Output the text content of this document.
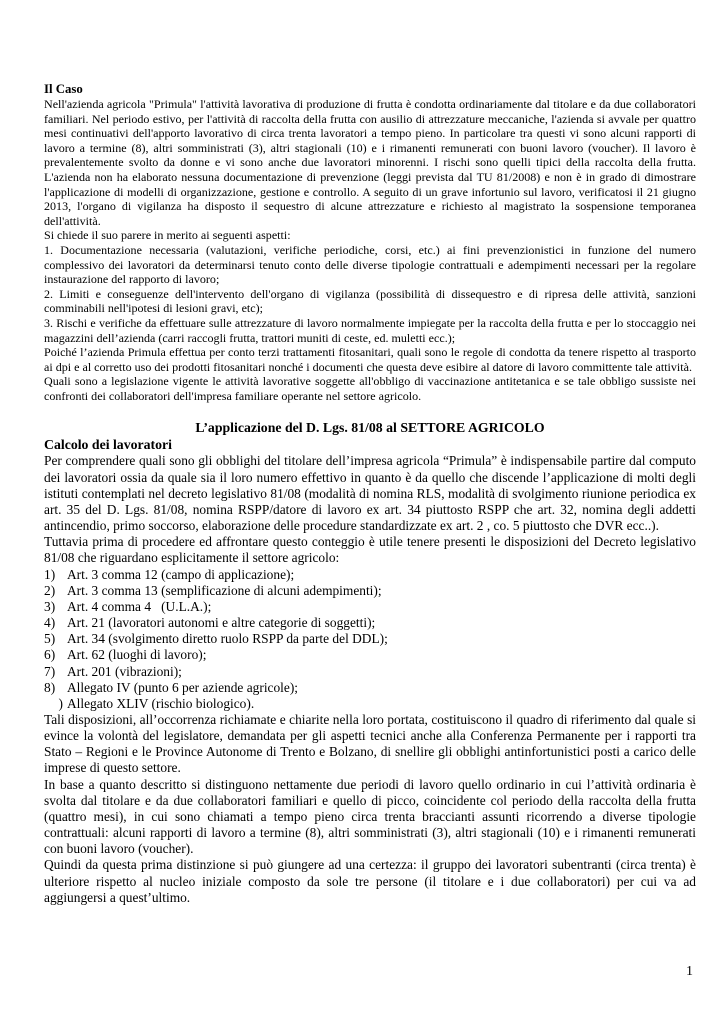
Il Caso

Nell'azienda agricola "Primula" l'attività lavorativa di produzione di frutta è condotta ordinariamente dal titolare e da due collaboratori familiari. Nel periodo estivo, per l'attività di raccolta della frutta con ausilio di attrezzature meccaniche, l'azienda si avvale per quattro mesi continuativi dell'apporto lavorativo di circa trenta lavoratori a tempo pieno. In particolare tra questi vi sono alcuni rapporti di lavoro a termine (8), altri somministrati (3), altri stagionali (10) e i rimanenti remunerati con buoni lavoro (voucher). Il lavoro è prevalentemente svolto da donne e vi sono anche due lavoratori minorenni. I rischi sono quelli tipici della raccolta della frutta. L'azienda non ha elaborato nessuna documentazione di prevenzione (leggi prevista dal TU 81/2008) e non è in grado di dimostrare l'applicazione di modelli di organizzazione, gestione e controllo. A seguito di un grave infortunio sul lavoro, verificatosi il 21 giugno 2013, l'organo di vigilanza ha disposto il sequestro di alcune attrezzature e richiesto al magistrato la sospensione temporanea dell'attività.

Si chiede il suo parere in merito ai seguenti aspetti:

1. Documentazione necessaria (valutazioni, verifiche periodiche, corsi, etc.) ai fini prevenzionistici in funzione del numero complessivo dei lavoratori da determinarsi tenuto conto delle diverse tipologie contrattuali e adempimenti necessari per la regolare instaurazione del rapporto di lavoro;

2. Limiti e conseguenze dell'intervento dell'organo di vigilanza (possibilità di dissequestro e di ripresa delle attività, sanzioni comminabili nell'ipotesi di lesioni gravi, etc);

3. Rischi e verifiche da effettuare sulle attrezzature di lavoro normalmente impiegate per la raccolta della frutta e per lo stoccaggio nei magazzini dell’azienda (carri raccogli frutta, trattori muniti di ceste, ed. muletti ecc.);

Poiché l’azienda Primula effettua per conto terzi trattamenti fitosanitari, quali sono le regole di condotta da tenere rispetto al trasporto ai dpi e al corretto uso dei prodotti fitosanitari nonché i documenti che questa deve esibire al datore di lavoro committente tale attività.

Quali sono a legislazione vigente le attività lavorative soggette all'obbligo di vaccinazione antitetanica e se tale obbligo sussiste nei confronti dei collaboratori dell'impresa familiare operante nel settore agricolo.

L’applicazione del D. Lgs. 81/08 al SETTORE AGRICOLO
Calcolo dei lavoratori

Per comprendere quali sono gli obblighi del titolare dell’impresa agricola “Primula” è indispensabile partire dal computo dei lavoratori ossia da quale sia il loro numero effettivo in quanto è da quello che discende l’applicazione di molti degli istituti contemplati nel decreto legislativo 81/08 (modalità di nomina RLS, modalità di svolgimento riunione periodica ex art. 35 del D. Lgs. 81/08, nomina RSPP/datore di lavoro ex art. 34 piuttosto RSPP che art. 32, nomina degli addetti antincendio, primo soccorso, elaborazione delle procedure standardizzate ex art. 2 , co. 5 piuttosto che DVR ecc..).

Tuttavia prima di procedere ed affrontare questo conteggio è utile tenere presenti le disposizioni del Decreto legislativo 81/08 che riguardano esplicitamente il settore agricolo:

1) Art. 3 comma 12 (campo di applicazione);
2) Art. 3 comma 13 (semplificazione di alcuni adempimenti);
3) Art. 4 comma 4   (U.L.A.);
4) Art. 21 (lavoratori autonomi e altre categorie di soggetti);
5) Art. 34 (svolgimento diretto ruolo RSPP da parte del DDL);
6) Art. 62 (luoghi di lavoro);
7) Art. 201 (vibrazioni);
8) Allegato IV (punto 6 per aziende agricole);
) Allegato XLIV (rischio biologico).

Tali disposizioni, all’occorrenza richiamate e chiarite nella loro portata, costituiscono il quadro di riferimento dal quale si evince la volontà del legislatore, demandata per gli aspetti tecnici anche alla Conferenza Permanente per i rapporti tra Stato – Regioni e le Province Autonome di Trento e Bolzano, di snellire gli obblighi antinfortunistici posti a carico delle imprese di questo settore.

In base a quanto descritto si distinguono nettamente due periodi di lavoro quello ordinario in cui l’attività ordinaria è svolta dal titolare e da due collaboratori familiari e quello di picco, coincidente col periodo della raccolta della frutta (quattro mesi), in cui sono chiamati a tempo pieno circa trenta braccianti assunti ricorrendo a diverse tipologie contrattuali: alcuni rapporti di lavoro a termine (8), altri somministrati (3), altri stagionali (10) e i rimanenti remunerati con buoni lavoro (voucher).

Quindi da questa prima distinzione si può giungere ad una certezza: il gruppo dei lavoratori subentranti (circa trenta) è ulteriore rispetto al nucleo iniziale composto da sole tre persone (il titolare e i due collaboratori) per cui va ad aggiungersi a quest’ultimo.

1
